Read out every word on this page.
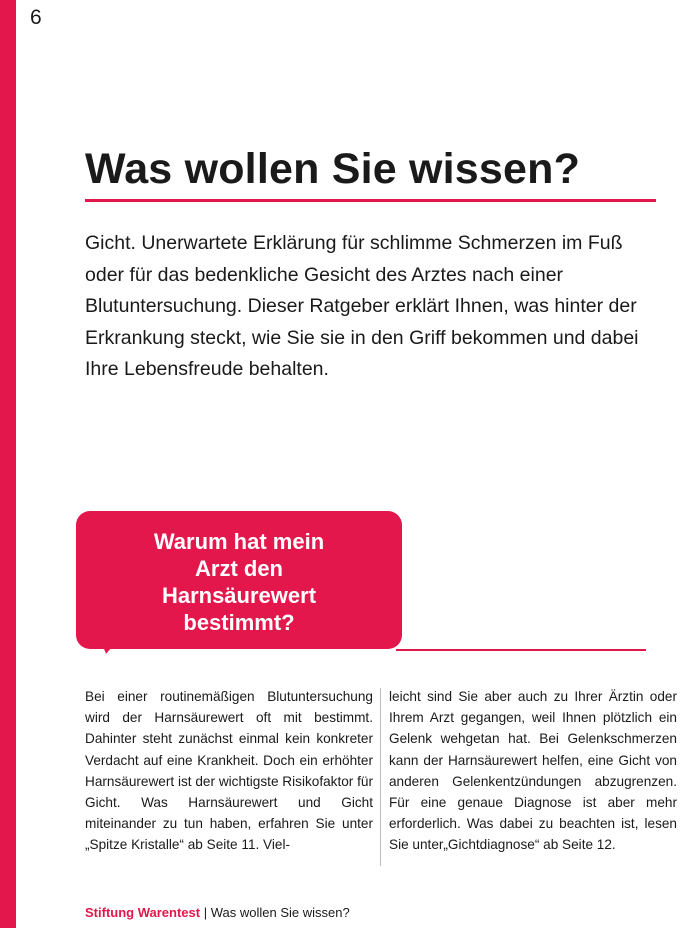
6
Was wollen Sie wissen?

Gicht. Unerwartete Erklärung für schlimme Schmerzen im Fuß oder für das bedenkliche Gesicht des Arztes nach einer Blutuntersuchung. Dieser Ratgeber erklärt Ihnen, was hinter der Erkrankung steckt, wie Sie sie in den Griff bekommen und dabei Ihre Lebensfreude behalten.

Warum hat mein
Arzt den
Harnsäurewert
bestimmt?

Bei einer routinemäßigen Blutuntersuchung wird der Harnsäurewert oft mit bestimmt. Dahinter steht zunächst einmal kein konkreter Verdacht auf eine Krankheit. Doch ein erhöhter Harnsäurewert ist der wichtigste Risikofaktor für Gicht. Was Harnsäurewert und Gicht miteinander zu tun haben, erfahren Sie unter „Spitze Kristalle“ ab Seite 11. Viel-

leicht sind Sie aber auch zu Ihrer Ärztin oder Ihrem Arzt gegangen, weil Ihnen plötzlich ein Gelenk wehgetan hat. Bei Gelenkschmerzen kann der Harnsäurewert helfen, eine Gicht von anderen Gelenkentzündungen abzugrenzen. Für eine genaue Diagnose ist aber mehr erforderlich. Was dabei zu beachten ist, lesen Sie unter„Gichtdiagnose“ ab Seite 12.

Stiftung Warentest | Was wollen Sie wissen?
